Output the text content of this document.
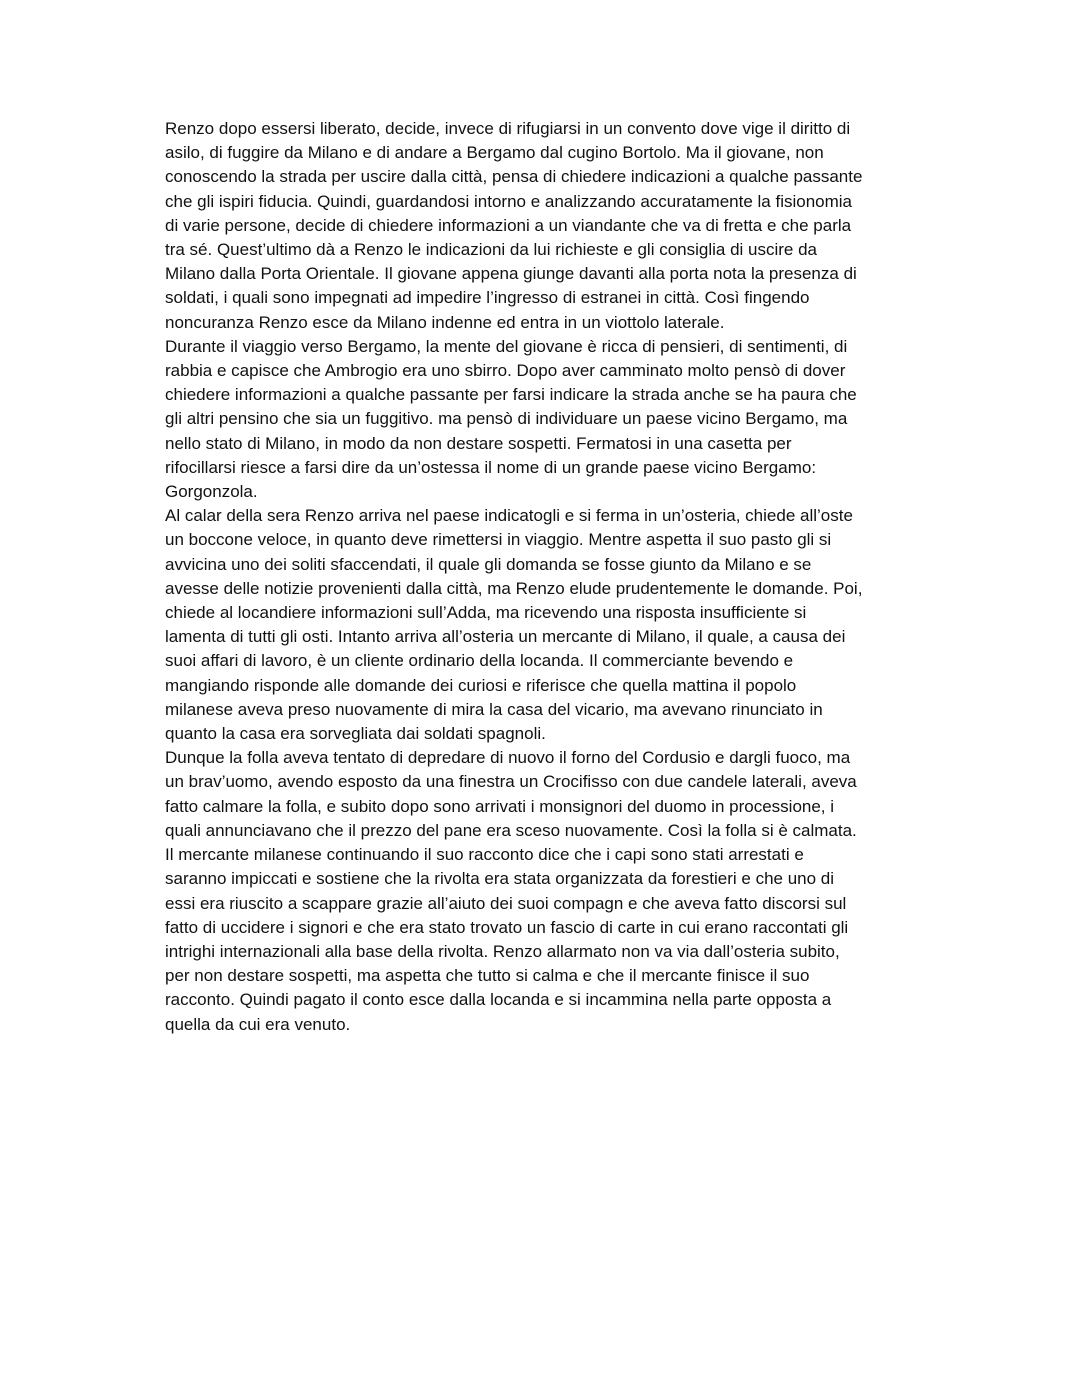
Renzo dopo essersi liberato, decide, invece di rifugiarsi in un convento dove vige il diritto di
asilo, di fuggire da Milano e di andare a Bergamo dal cugino Bortolo. Ma il giovane, non
conoscendo la strada per uscire dalla città, pensa di chiedere indicazioni a qualche passante
che gli ispiri fiducia. Quindi, guardandosi intorno e analizzando accuratamente la fisionomia
di varie persone, decide di chiedere informazioni a un viandante che va di fretta e che parla
tra sé. Quest’ultimo dà a Renzo le indicazioni da lui richieste e gli consiglia di uscire da
Milano dalla Porta Orientale. Il giovane appena giunge davanti alla porta nota la presenza di
soldati, i quali sono impegnati ad impedire l’ingresso di estranei in città. Così fingendo
noncuranza Renzo esce da Milano indenne ed entra in un viottolo laterale.

Durante il viaggio verso Bergamo, la mente del giovane è ricca di pensieri, di sentimenti, di
rabbia e capisce che Ambrogio era uno sbirro. Dopo aver camminato molto pensò di dover
chiedere informazioni a qualche passante per farsi indicare la strada anche se ha paura che
gli altri pensino che sia un fuggitivo. ma pensò di individuare un paese vicino Bergamo, ma
nello stato di Milano, in modo da non destare sospetti. Fermatosi in una casetta per
rifocillarsi riesce a farsi dire da un’ostessa il nome di un grande paese vicino Bergamo:
Gorgonzola.

Al calar della sera Renzo arriva nel paese indicatogli e si ferma in un’osteria, chiede all’oste
un boccone veloce, in quanto deve rimettersi in viaggio. Mentre aspetta il suo pasto gli si
avvicina uno dei soliti sfaccendati, il quale gli domanda se fosse giunto da Milano e se
avesse delle notizie provenienti dalla città, ma Renzo elude prudentemente le domande. Poi,
chiede al locandiere informazioni sull’Adda, ma ricevendo una risposta insufficiente si
lamenta di tutti gli osti. Intanto arriva all’osteria un mercante di Milano, il quale, a causa dei
suoi affari di lavoro, è un cliente ordinario della locanda. Il commerciante bevendo e
mangiando risponde alle domande dei curiosi e riferisce che quella mattina il popolo
milanese aveva preso nuovamente di mira la casa del vicario, ma avevano rinunciato in
quanto la casa era sorvegliata dai soldati spagnoli.

Dunque la folla aveva tentato di depredare di nuovo il forno del Cordusio e dargli fuoco, ma
un brav’uomo, avendo esposto da una finestra un Crocifisso con due candele laterali, aveva
fatto calmare la folla, e subito dopo sono arrivati i monsignori del duomo in processione, i
quali annunciavano che il prezzo del pane era sceso nuovamente. Così la folla si è calmata.
Il mercante milanese continuando il suo racconto dice che i capi sono stati arrestati e
saranno impiccati e sostiene che la rivolta era stata organizzata da forestieri e che uno di
essi era riuscito a scappare grazie all’aiuto dei suoi compagn e che aveva fatto discorsi sul
fatto di uccidere i signori e che era stato trovato un fascio di carte in cui erano raccontati gli
intrighi internazionali alla base della rivolta. Renzo allarmato non va via dall’osteria subito,
per non destare sospetti, ma aspetta che tutto si calma e che il mercante finisce il suo
racconto. Quindi pagato il conto esce dalla locanda e si incammina nella parte opposta a
quella da cui era venuto.
